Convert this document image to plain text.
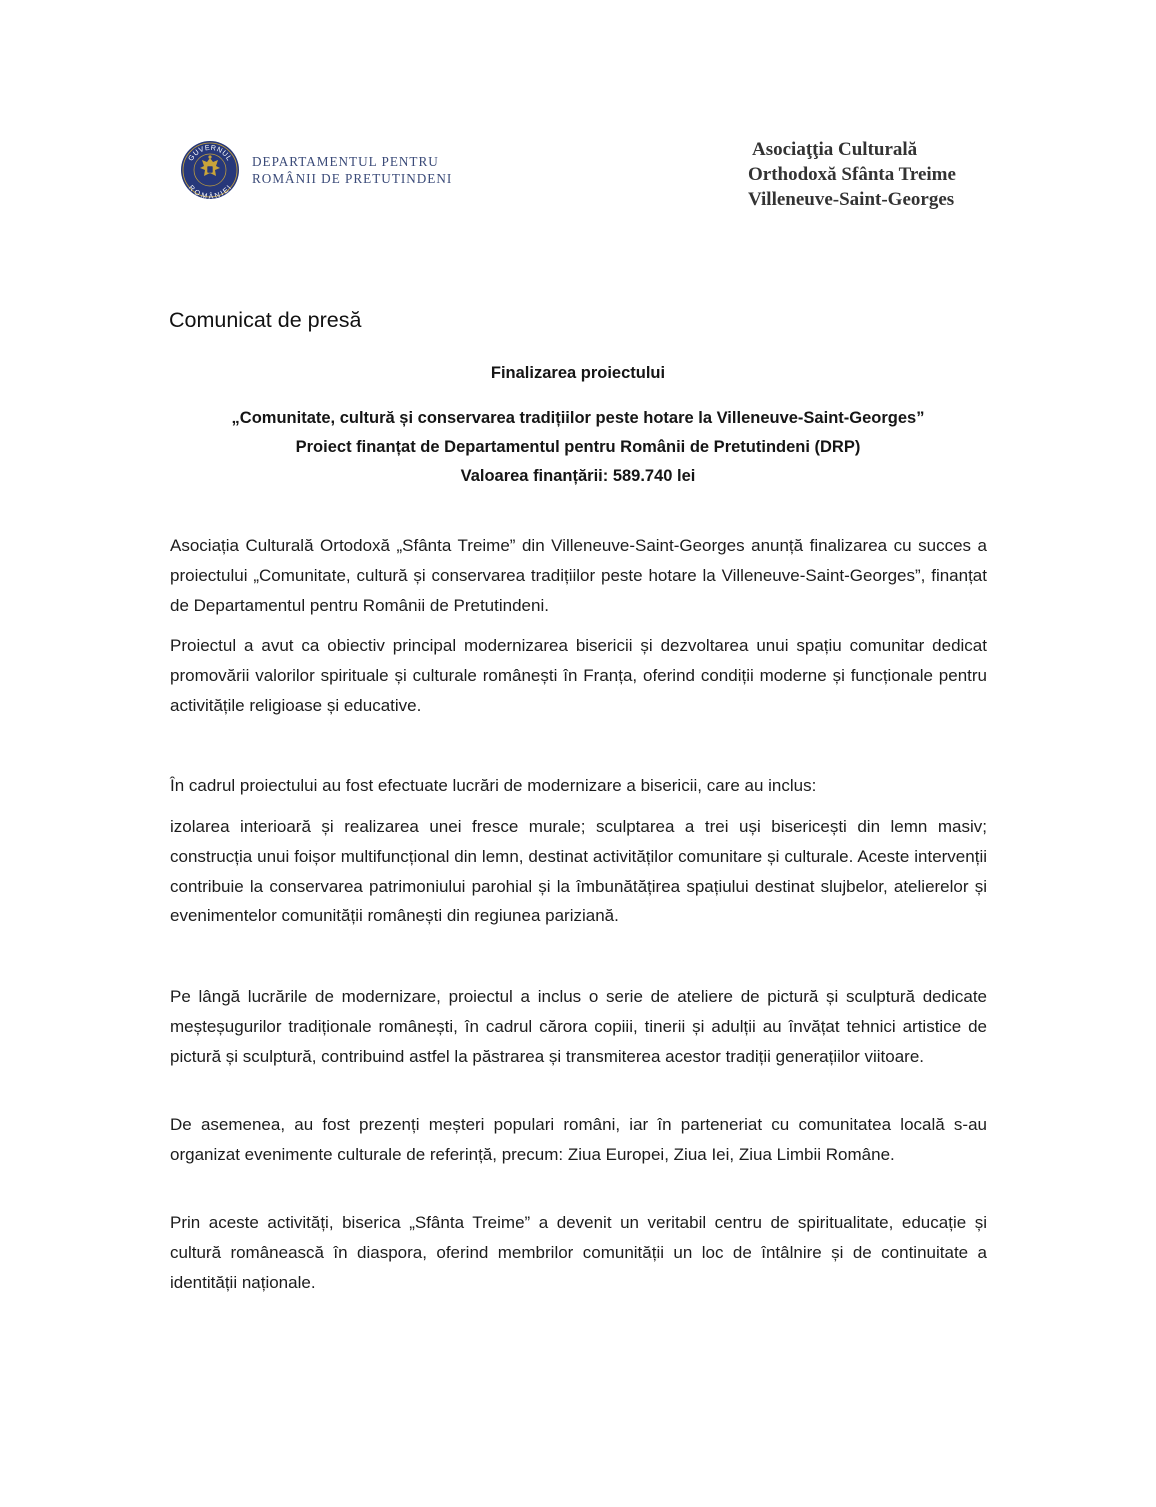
GUVERNUL
ROMÂNIEI
DEPARTAMENTUL PENTRU
ROMÂNII DE PRETUTINDENI
Asociaţţia Culturală
Orthodoxă Sfânta Treime
Villeneuve-Saint-Georges
Comunicat de presă
Finalizarea proiectului
„Comunitate, cultură și conservarea tradițiilor peste hotare la Villeneuve-Saint-Georges”
Proiect finanțat de Departamentul pentru Românii de Pretutindeni (DRP)
Valoarea finanțării: 589.740 lei

Asociația Culturală Ortodoxă „Sfânta Treime” din Villeneuve-Saint-Georges anunță finalizarea cu succes a proiectului „Comunitate, cultură și conservarea tradițiilor peste hotare la Villeneuve-Saint-Georges”, finanțat de Departamentul pentru Românii de Pretutindeni.

Proiectul a avut ca obiectiv principal modernizarea bisericii și dezvoltarea unui spațiu comunitar dedicat promovării valorilor spirituale și culturale românești în Franța, oferind condiții moderne și funcționale pentru activitățile religioase și educative.

În cadrul proiectului au fost efectuate lucrări de modernizare a bisericii, care au inclus:

izolarea interioară și realizarea unei fresce murale; sculptarea a trei uși bisericești din lemn masiv; construcția unui foișor multifuncțional din lemn, destinat activităților comunitare și culturale. Aceste intervenții contribuie la conservarea patrimoniului parohial și la îmbunătățirea spațiului destinat slujbelor, atelierelor și evenimentelor comunității românești din regiunea pariziană.

Pe lângă lucrările de modernizare, proiectul a inclus o serie de ateliere de pictură și sculptură dedicate meșteșugurilor tradiționale românești, în cadrul cărora copiii, tinerii și adulții au învățat tehnici artistice de pictură și sculptură, contribuind astfel la păstrarea și transmiterea acestor tradiții generațiilor viitoare.

De asemenea, au fost prezenți meșteri populari români, iar în parteneriat cu comunitatea locală s-au organizat evenimente culturale de referință, precum: Ziua Europei, Ziua Iei, Ziua Limbii Române.

Prin aceste activități, biserica „Sfânta Treime” a devenit un veritabil centru de spiritualitate, educație și cultură românească în diaspora, oferind membrilor comunității un loc de întâlnire și de continuitate a identității naționale.
